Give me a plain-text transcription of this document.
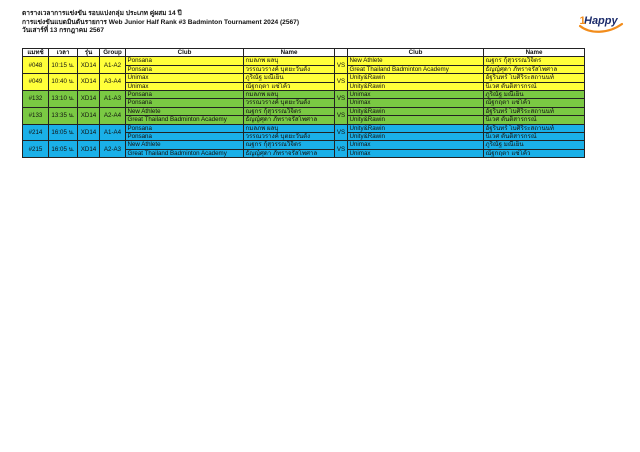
ตารางเวลาการแข่งขัน รอบแบ่งกลุ่ม ประเภท คู่ผสม 14 ปี
การแข่งขันแบดมินตันรายการ Web Junior Half Rank #3 Badminton Tournament 2024 (2567)
วันเสาร์ที่ 13 กรกฎาคม 2567
Happy
1
แมทช์	เวลา	รุ่น	Group	Club	Name		Club	Name
#048	10:15 น.	XD14	A1-A2	Ponsana	กมลภพ ผลบุ	VS	New Athlete	ณฐกร กุ้สุวรรณวิจิตร
				Ponsana	วรรณวรางค์ บุตยะวันตัง		Great Thailand Badminton Academy	ธัญญ์ศุดา ภัทราจรัสโพศาล
#049	10:40 น.	XD14	A3-A4	Unimax	ภูริณัฐ มณีเย็น	VS	Unity&Rawin	อัฐรินทร์ โบศิริระสถานนท์
				Unimax	ณัฐกฤตา แซ่โค้ว		Unity&Rawin	นิเวศ ตันติสารกรณ์
#132	13:10 น.	XD14	A1-A3	Ponsana	กมลภพ ผลบุ	VS	Unimax	ภูริณัฐ มณีเย็น
				Ponsana	วรรณวรางค์ บุตยะวันตัง		Unimax	ณัฐกฤตา แซ่โค้ว
#133	13:35 น.	XD14	A2-A4	New Athlete	ณฐกร กุ้สุวรรณวิจิตร	VS	Unity&Rawin	อัฐรินทร์ โบศิริระสถานนท์
				Great Thailand Badminton Academy	ธัญญ์ศุดา ภัทราจรัสโพศาล		Unity&Rawin	นิเวศ ตันติสารกรณ์
#214	16:05 น.	XD14	A1-A4	Ponsana	กมลภพ ผลบุ	VS	Unity&Rawin	อัฐรินทร์ โบศิริระสถานนท์
				Ponsana	วรรณวรางค์ บุตยะวันตัง		Unity&Rawin	นิเวศ ตันติสารกรณ์
#215	16:05 น.	XD14	A2-A3	New Athlete	ณฐกร กุ้สุวรรณวิจิตร	VS	Unimax	ภูริณัฐ มณีเย็น
				Great Thailand Badminton Academy	ธัญญ์ศุดา ภัทราจรัสโพศาล		Unimax	ณัฐกฤตา แซ่โค้ว
